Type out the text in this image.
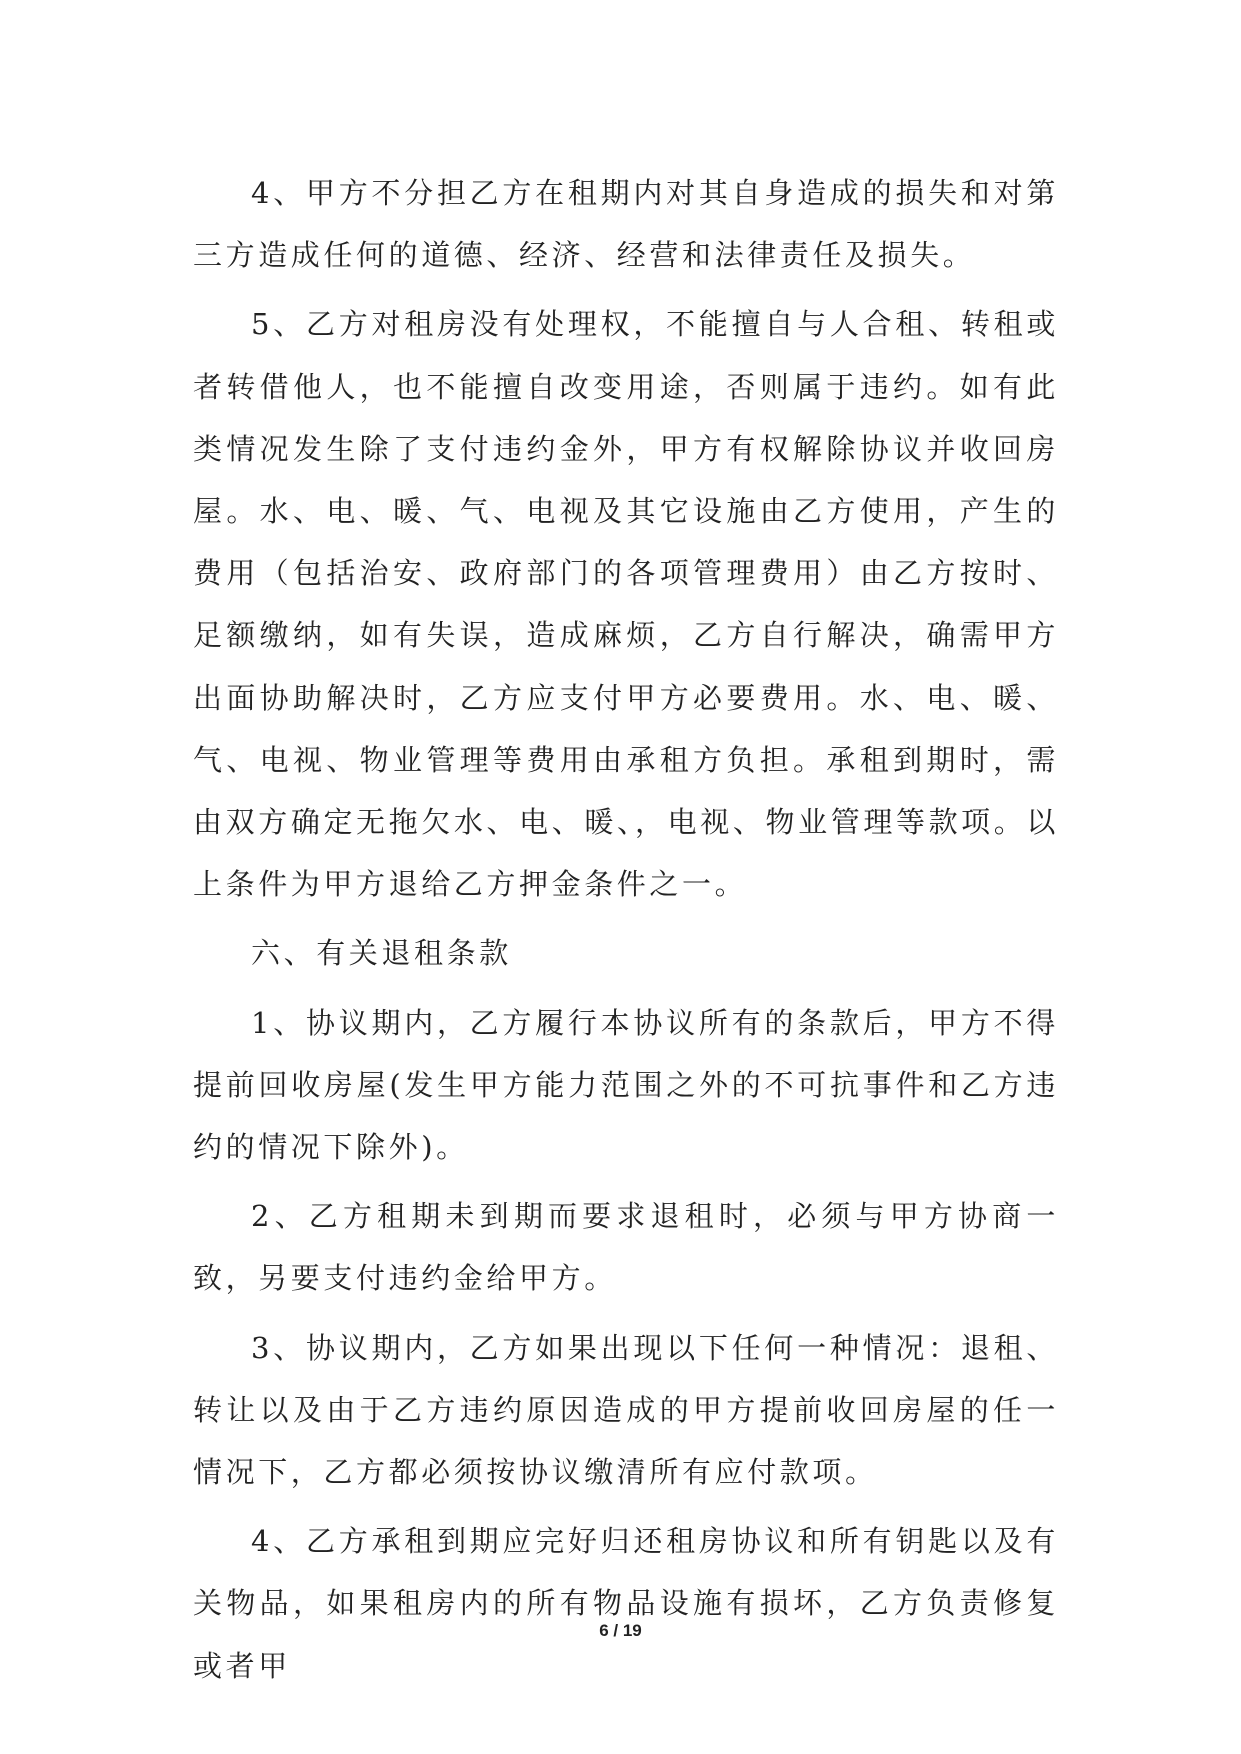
4、甲方不分担乙方在租期内对其自身造成的损失和对第三方造成任何的道德、经济、经营和法律责任及损失。

5、乙方对租房没有处理权，不能擅自与人合租、转租或者转借他人，也不能擅自改变用途，否则属于违约。如有此类情况发生除了支付违约金外，甲方有权解除协议并收回房屋。水、电、暖、气、电视及其它设施由乙方使用，产生的费用（包括治安、政府部门的各项管理费用）由乙方按时、足额缴纳，如有失误，造成麻烦，乙方自行解决，确需甲方出面协助解决时，乙方应支付甲方必要费用。水、电、暖、气、电视、物业管理等费用由承租方负担。承租到期时，需由双方确定无拖欠水、电、暖、，电视、物业管理等款项。以上条件为甲方退给乙方押金条件之一。

六、有关退租条款

1、协议期内，乙方履行本协议所有的条款后，甲方不得提前回收房屋(发生甲方能力范围之外的不可抗事件和乙方违约的情况下除外)。

2、乙方租期未到期而要求退租时，必须与甲方协商一致，另要支付违约金给甲方。

3、协议期内，乙方如果出现以下任何一种情况：退租、转让以及由于乙方违约原因造成的甲方提前收回房屋的任一情况下，乙方都必须按协议缴清所有应付款项。

4、乙方承租到期应完好归还租房协议和所有钥匙以及有关物品，如果租房内的所有物品设施有损坏，乙方负责修复或者甲

6 / 19
